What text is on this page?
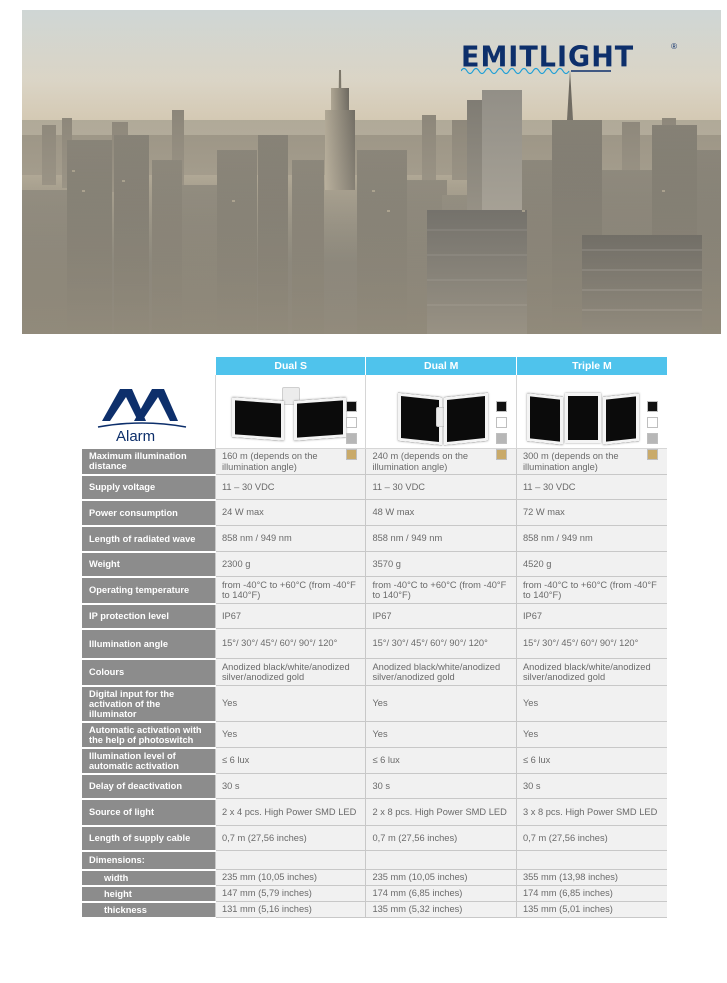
EMITLIGHT	®
	Dual S	Dual M	Triple M

Alarm			

Maximum illumination distance	160 m (depends on the illumination angle)	240 m (depends on the illumination angle)	300 m (depends on the illumination angle)
Supply voltage	11 – 30 VDC	11 – 30 VDC	11 – 30 VDC
Power consumption	24 W max	48 W max	72 W max
Length of radiated wave	858 nm / 949 nm	858 nm / 949 nm	858 nm / 949 nm
Weight	2300 g	3570 g	4520 g
Operating temperature	from -40°C to +60°C (from -40°F to 140°F)	from -40°C to +60°C (from -40°F to 140°F)	from -40°C to +60°C (from -40°F to 140°F)
IP protection level	IP67	IP67	IP67
Illumination angle	15°/ 30°/ 45°/ 60°/ 90°/ 120°	15°/ 30°/ 45°/ 60°/ 90°/ 120°	15°/ 30°/ 45°/ 60°/ 90°/ 120°
Colours	Anodized black/white/anodized silver/anodized gold	Anodized black/white/anodized silver/anodized gold	Anodized black/white/anodized silver/anodized gold
Digital input for the activation of the illuminator	Yes	Yes	Yes
Automatic activation with the help of photoswitch	Yes	Yes	Yes
Illumination level of automatic activation	≤ 6 lux	≤ 6 lux	≤ 6 lux
Delay of deactivation	30 s	30 s	30 s
Source of light	2 x 4 pcs. High Power SMD LED	2 x 8 pcs. High Power SMD LED	3 x 8 pcs. High Power SMD LED
Length of supply cable	0,7 m (27,56 inches)	0,7 m (27,56 inches)	0,7 m (27,56 inches)
Dimensions:			
width	235 mm (10,05 inches)	235 mm (10,05 inches)	355 mm (13,98 inches)
height	147 mm (5,79 inches)	174 mm (6,85 inches)	174 mm (6,85 inches)
thickness	131 mm (5,16 inches)	135 mm (5,32 inches)	135 mm (5,01 inches)
